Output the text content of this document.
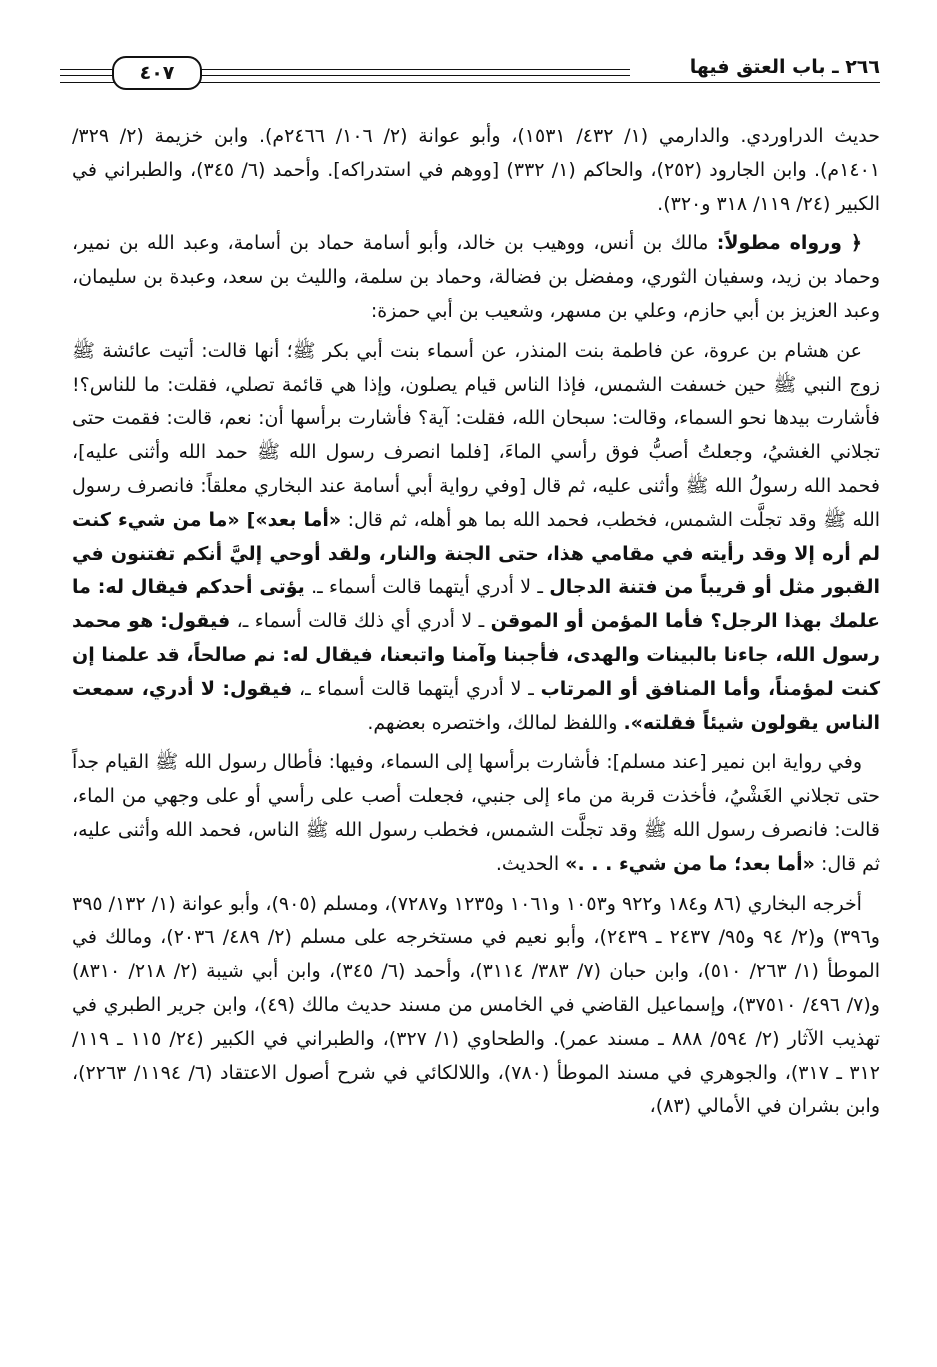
٤٠٧	٢٦٦ ـ باب العتق فيها

حديث الدراوردي. والدارمي (١/ ٤٣٢/ ١٥٣١)، وأبو عوانة (٢/ ١٠٦/ ٢٤٦٦م). وابن خزيمة (٢/ ٣٢٩/ ١٤٠١م). وابن الجارود (٢٥٢)، والحاكم (١/ ٣٣٢) [ووهم في استدراكه]. وأحمد (٦/ ٣٤٥)، والطبراني في الكبير (٢٤/ ١١٩/ ٣١٨ و٣٢٠).

﴿ ورواه مطولاً: مالك بن أنس، ووهيب بن خالد، وأبو أسامة حماد بن أسامة، وعبد الله بن نمير، وحماد بن زيد، وسفيان الثوري، ومفضل بن فضالة، وحماد بن سلمة، والليث بن سعد، وعبدة بن سليمان، وعبد العزيز بن أبي حازم، وعلي بن مسهر، وشعيب بن أبي حمزة:

عن هشام بن عروة، عن فاطمة بنت المنذر، عن أسماء بنت أبي بكر ﷺ؛ أنها قالت: أتيت عائشة ﷺ زوج النبي ﷺ حين خسفت الشمس، فإذا الناس قيام يصلون، وإذا هي قائمة تصلي، فقلت: ما للناس؟! فأشارت بيدها نحو السماء، وقالت: سبحان الله، فقلت: آية؟ فأشارت برأسها أن: نعم، قالت: فقمت حتى تجلاني الغشيُ، وجعلتُ أصبُّ فوق رأسي الماءَ، [فلما انصرف رسول الله ﷺ حمد الله وأثنى عليه]، فحمد الله رسولُ الله ﷺ وأثنى عليه، ثم قال [وفي رواية أبي أسامة عند البخاري معلقاً: فانصرف رسول الله ﷺ وقد تجلَّت الشمس، فخطب، فحمد الله بما هو أهله، ثم قال: «أما بعد»] «ما من شيء كنت لم أره إلا وقد رأيته في مقامي هذا، حتى الجنة والنار، ولقد أوحي إليَّ أنكم تفتنون في القبور مثل أو قريباً من فتنة الدجال ـ لا أدري أيتهما قالت أسماء ـ. يؤتى أحدكم فيقال له: ما علمك بهذا الرجل؟ فأما المؤمن أو الموقن ـ لا أدري أي ذلك قالت أسماء ـ، فيقول: هو محمد رسول الله، جاءنا بالبينات والهدى، فأجبنا وآمنا واتبعنا، فيقال له: نم صالحاً، قد علمنا إن كنت لمؤمناً، وأما المنافق أو المرتاب ـ لا أدري أيتهما قالت أسماء ـ، فيقول: لا أدري، سمعت الناس يقولون شيئاً فقلته». واللفظ لمالك، واختصره بعضهم.

وفي رواية ابن نمير [عند مسلم]: فأشارت برأسها إلى السماء، وفيها: فأطال رسول الله ﷺ القيام جداً حتى تجلاني الغَشْيُ، فأخذت قربة من ماء إلى جنبي، فجعلت أصب على رأسي أو على وجهي من الماء، قالت: فانصرف رسول الله ﷺ وقد تجلَّت الشمس، فخطب رسول الله ﷺ الناس، فحمد الله وأثنى عليه، ثم قال: «أما بعد؛ ما من شيء . . .» الحديث.

أخرجه البخاري (٨٦ و١٨٤ و٩٢٢ و١٠٥٣ و١٠٦١ و١٢٣٥ و٧٢٨٧)، ومسلم (٩٠٥)، وأبو عوانة (١/ ١٣٢/ ٣٩٥ و٣٩٦) و(٢/ ٩٤ و٩٥/ ٢٤٣٧ ـ ٢٤٣٩)، وأبو نعيم في مستخرجه على مسلم (٢/ ٤٨٩/ ٢٠٣٦)، ومالك في الموطأ (١/ ٢٦٣/ ٥١٠)، وابن حبان (٧/ ٣٨٣/ ٣١١٤)، وأحمد (٦/ ٣٤٥)، وابن أبي شيبة (٢/ ٢١٨/ ٨٣١٠) و(٧/ ٤٩٦/ ٣٧٥١٠)، وإسماعيل القاضي في الخامس من مسند حديث مالك (٤٩)، وابن جرير الطبري في تهذيب الآثار (٢/ ٥٩٤/ ٨٨٨ ـ مسند عمر). والطحاوي (١/ ٣٢٧)، والطبراني في الكبير (٢٤/ ١١٥ ـ ١١٩/ ٣١٢ ـ ٣١٧)، والجوهري في مسند الموطأ (٧٨٠)، واللالكائي في شرح أصول الاعتقاد (٦/ ١١٩٤/ ٢٢٦٣)، وابن بشران في الأمالي (٨٣)،
